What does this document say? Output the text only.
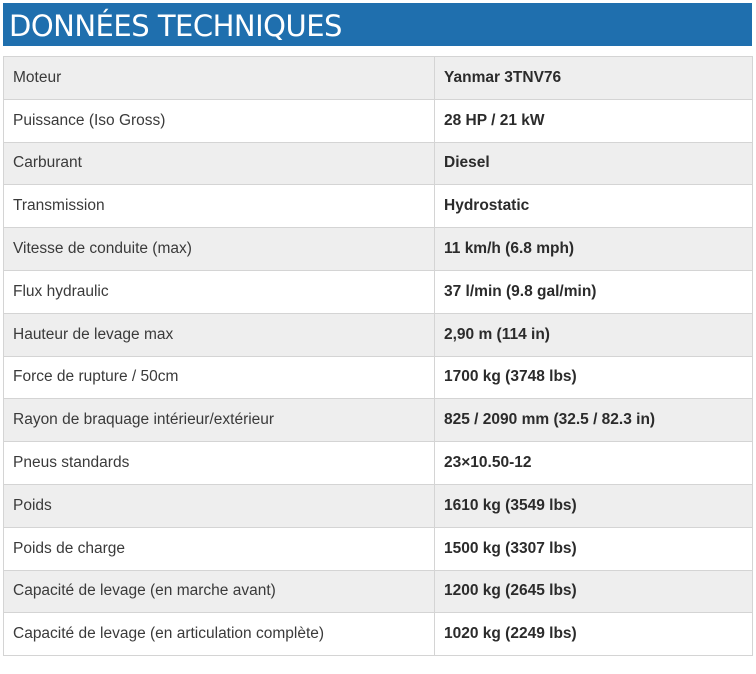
DONNÉES TECHNIQUES
Moteur	Yanmar 3TNV76
Puissance (Iso Gross)	28 HP / 21 kW
Carburant	Diesel
Transmission	Hydrostatic
Vitesse de conduite (max)	11 km/h (6.8 mph)
Flux hydraulic	37 l/min (9.8 gal/min)
Hauteur de levage max	2,90 m (114 in)
Force de rupture / 50cm	1700 kg (3748 lbs)
Rayon de braquage intérieur/extérieur	825 / 2090 mm (32.5 / 82.3 in)
Pneus standards	23×10.50-12
Poids	1610 kg (3549 lbs)
Poids de charge	1500 kg (3307 lbs)
Capacité de levage (en marche avant)	1200 kg (2645 lbs)
Capacité de levage (en articulation complète)	1020 kg (2249 lbs)
